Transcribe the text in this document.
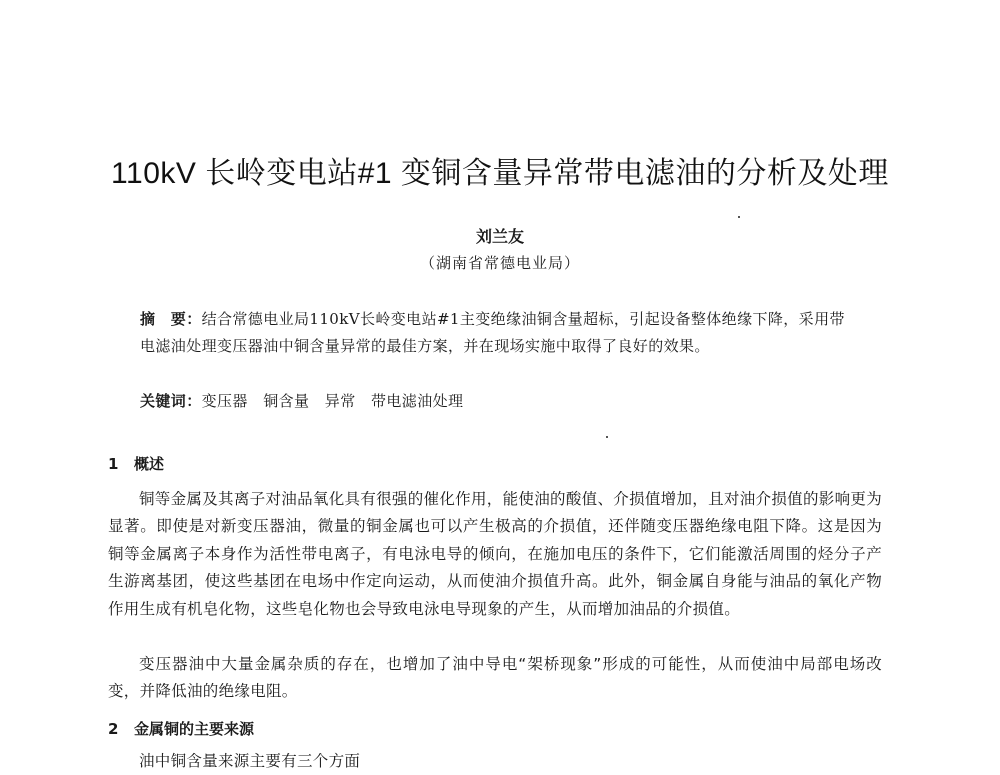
110kV 长岭变电站#1 变铜含量异常带电滤油的分析及处理
刘兰友
（湖南省常德电业局）
摘　要：结合常德电业局110kV长岭变电站#1主变绝缘油铜含量超标，引起设备整体绝缘下降，采用带电滤油处理变压器油中铜含量异常的最佳方案，并在现场实施中取得了良好的效果。
关键词：变压器　铜含量　异常　带电滤油处理
1 概述
铜等金属及其离子对油品氧化具有很强的催化作用，能使油的酸值、介损值增加，且对油介损值的影响更为显著。即使是对新变压器油，微量的铜金属也可以产生极高的介损值，还伴随变压器绝缘电阻下降。这是因为铜等金属离子本身作为活性带电离子，有电泳电导的倾向，在施加电压的条件下，它们能激活周围的烃分子产生游离基团，使这些基团在电场中作定向运动，从而使油介损值升高。此外，铜金属自身能与油品的氧化产物作用生成有机皂化物，这些皂化物也会导致电泳电导现象的产生，从而增加油品的介损值。
变压器油中大量金属杂质的存在，也增加了油中导电“架桥现象”形成的可能性，从而使油中局部电场改变，并降低油的绝缘电阻。
2 金属铜的主要来源
油中铜含量来源主要有三个方面
